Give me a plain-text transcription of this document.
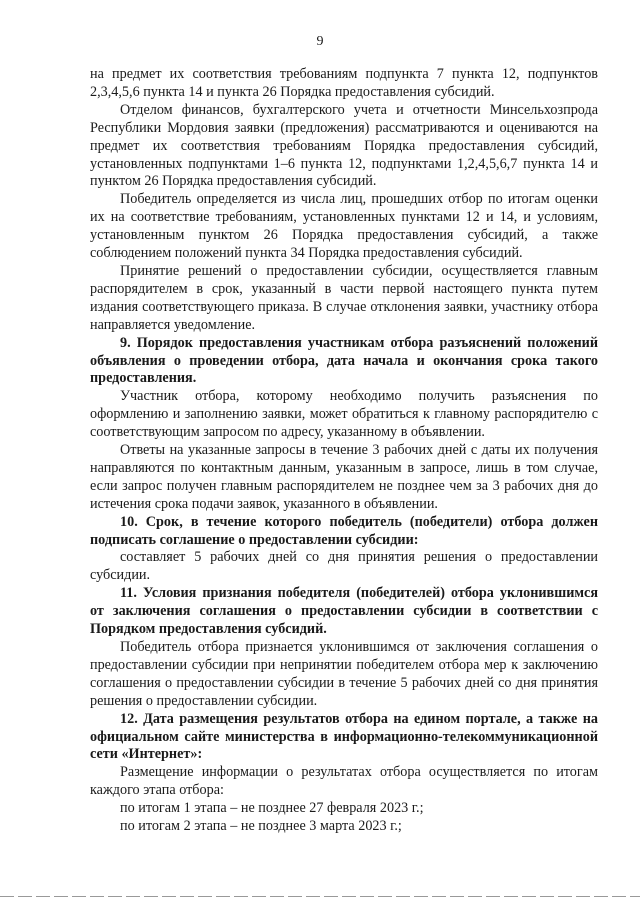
9

на предмет их соответствия требованиям подпункта 7 пункта 12, подпунктов 2,3,4,5,6 пункта 14 и пункта 26 Порядка предоставления субсидий.

Отделом финансов, бухгалтерского учета и отчетности Минсельхозпрода Республики Мордовия заявки (предложения) рассматриваются и оцениваются на предмет их соответствия требованиям Порядка предоставления субсидий, установленных подпунктами 1–6 пункта 12, подпунктами 1,2,4,5,6,7 пункта 14 и пунктом 26 Порядка предоставления субсидий.

Победитель определяется из числа лиц, прошедших отбор по итогам оценки их на соответствие требованиям, установленных пунктами 12 и 14, и условиям, установленным пунктом 26 Порядка предоставления субсидий, а также соблюдением положений пункта 34 Порядка предоставления субсидий.

Принятие решений о предоставлении субсидии, осуществляется главным распорядителем в срок, указанный в части первой настоящего пункта путем издания соответствующего приказа. В случае отклонения заявки, участнику отбора направляется уведомление.

9. Порядок предоставления участникам отбора разъяснений положений объявления о проведении отбора, дата начала и окончания срока такого предоставления.

Участник отбора, которому необходимо получить разъяснения по оформлению и заполнению заявки, может обратиться к главному распорядителю с соответствующим запросом по адресу, указанному в объявлении.

Ответы на указанные запросы в течение 3 рабочих дней с даты их получения направляются по контактным данным, указанным в запросе, лишь в том случае, если запрос получен главным распорядителем не позднее чем за 3 рабочих дня до истечения срока подачи заявок, указанного в объявлении.

10. Срок, в течение которого победитель (победители) отбора должен подписать соглашение о предоставлении субсидии:

составляет 5 рабочих дней со дня принятия решения о предоставлении субсидии.

11. Условия признания победителя (победителей) отбора уклонившимся от заключения соглашения о предоставлении субсидии в соответствии с Порядком предоставления субсидий.

Победитель отбора признается уклонившимся от заключения соглашения о предоставлении субсидии при непринятии победителем отбора мер к заключению соглашения о предоставлении субсидии в течение 5 рабочих дней со дня принятия решения о предоставлении субсидии.

12. Дата размещения результатов отбора на едином портале, а также на официальном сайте министерства в информационно-телекоммуникационной сети «Интернет»:

Размещение информации о результатах отбора осуществляется по итогам каждого этапа отбора:

по итогам 1 этапа – не позднее 27 февраля 2023 г.;

по итогам 2 этапа – не позднее 3 марта 2023 г.;
